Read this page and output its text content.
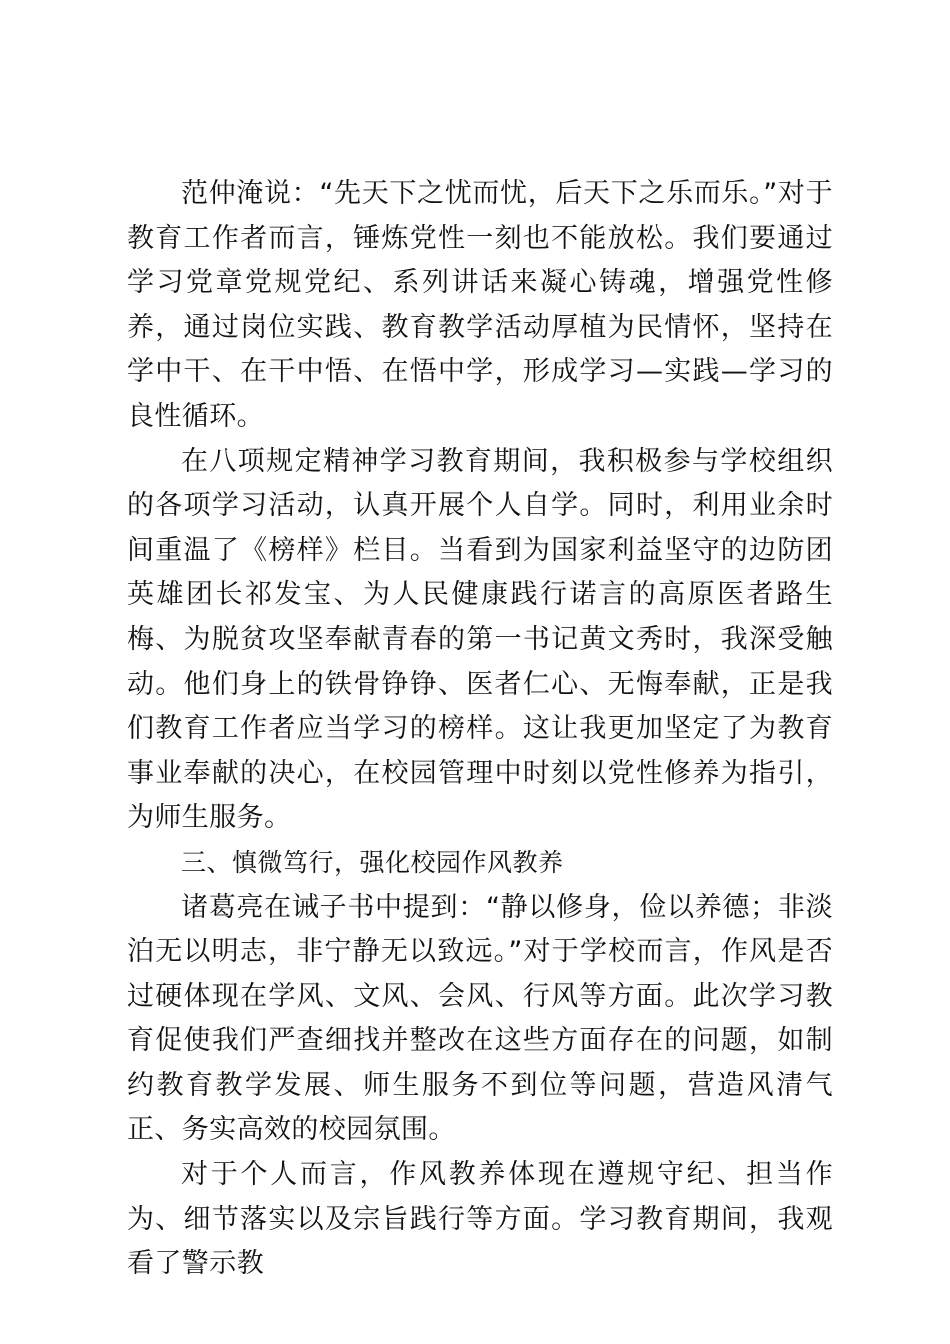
范仲淹说：“先天下之忧而忧，后天下之乐而乐。”对于教育工作者而言，锤炼党性一刻也不能放松。我们要通过学习党章党规党纪、系列讲话来凝心铸魂，增强党性修养，通过岗位实践、教育教学活动厚植为民情怀，坚持在学中干、在干中悟、在悟中学，形成学习—实践—学习的良性循环。

在八项规定精神学习教育期间，我积极参与学校组织的各项学习活动，认真开展个人自学。同时，利用业余时间重温了《榜样》栏目。当看到为国家利益坚守的边防团英雄团长祁发宝、为人民健康践行诺言的高原医者路生梅、为脱贫攻坚奉献青春的第一书记黄文秀时，我深受触动。他们身上的铁骨铮铮、医者仁心、无悔奉献，正是我们教育工作者应当学习的榜样。这让我更加坚定了为教育事业奉献的决心，在校园管理中时刻以党性修养为指引，为师生服务。

三、慎微笃行，强化校园作风教养

诸葛亮在诫子书中提到：“静以修身，俭以养德；非淡泊无以明志，非宁静无以致远。”对于学校而言，作风是否过硬体现在学风、文风、会风、行风等方面。此次学习教育促使我们严查细找并整改在这些方面存在的问题，如制约教育教学发展、师生服务不到位等问题，营造风清气正、务实高效的校园氛围。

对于个人而言，作风教养体现在遵规守纪、担当作为、细节落实以及宗旨践行等方面。学习教育期间，我观看了警示教
